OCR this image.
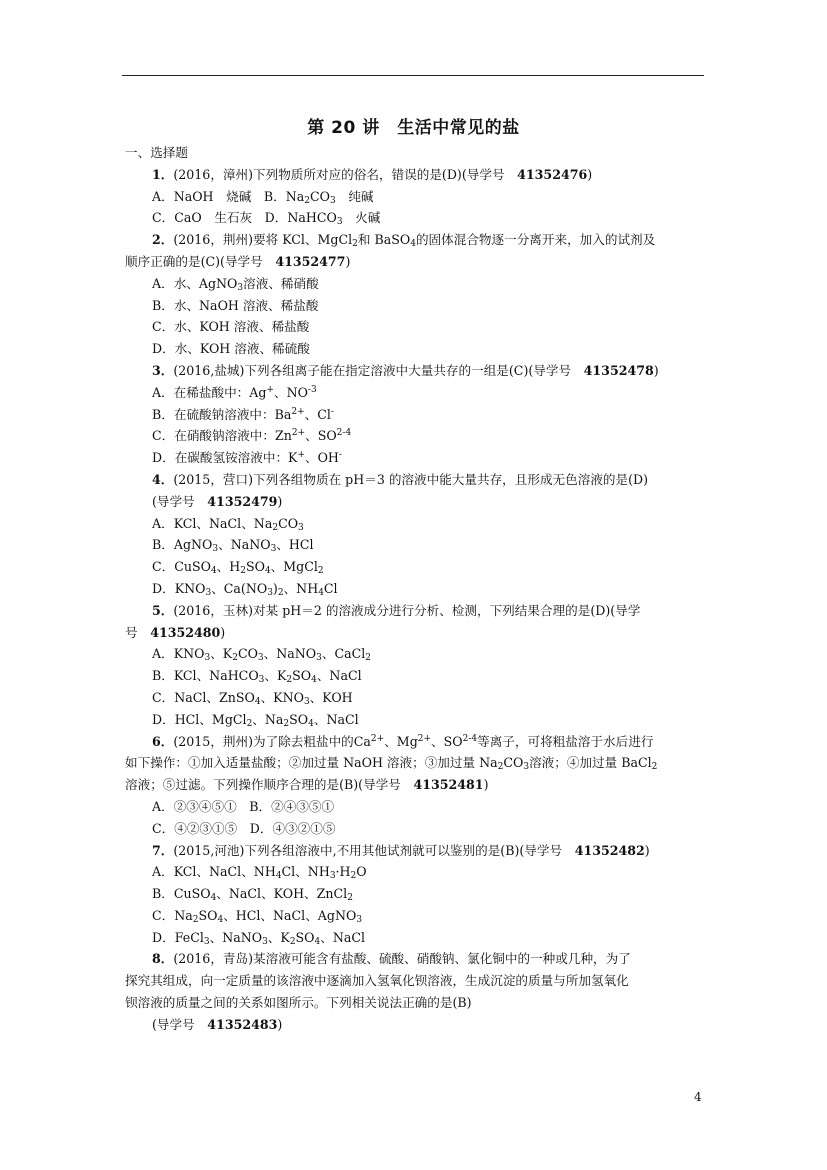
第 20 讲　生活中常见的盐
一、选择题
1．(2016，漳州)下列物质所对应的俗名，错误的是(D)(导学号　41352476)
A．NaOH　烧碱　B．$Na_2CO_3$　纯碱
C．CaO　生石灰　D．NaHCO$_3$　火碱
2．(2016，荆州)要将 KCl、MgCl$_2$和 BaSO$_4$的固体混合物逐一分离开来，加入的试剂及
顺序正确的是(C)(导学号　41352477)
A．水、AgNO$_3$溶液、稀硝酸
B．水、NaOH 溶液、稀盐酸
C．水、KOH 溶液、稀盐酸
D．水、KOH 溶液、稀硫酸
3．(2016,盐城)下列各组离子能在指定溶液中大量共存的一组是(C)(导学号　41352478)
A．在稀盐酸中：Ag+、$NO^{-3}$
B．在硫酸钠溶液中：$Ba^{2+}$、Cl-
C．在硝酸钠溶液中：$Zn^{2+}$、SO$^{2-4}$
D．在碳酸氢铵溶液中：K+、OH-
4．(2015，营口)下列各组物质在 pH＝3 的溶液中能大量共存，且形成无色溶液的是(D)
(导学号　41352479)
A．KCl、NaCl、$Na_2CO_3$
B．AgNO$_3$、NaNO$_3$、HCl
C．CuSO$_4$、$H_2SO_4$、MgCl$_2$
D．$KNO_3$、$Ca(NO_3)_2$、$NH_4Cl$
5．(2016，玉林)对某 pH＝2 的溶液成分进行分析、检测，下列结果合理的是(D)(导学
号　41352480)
A．$KNO_3$、$K_2CO_3$、NaNO$_3$、CaCl$_2$
B．KCl、NaHCO$_3$、$K_2SO_4$、NaCl
C．NaCl、ZnSO$_4$、$KNO_3$、KOH
D．HCl、MgCl$_2$、$Na_2SO_4$、NaCl
6．(2015，荆州)为了除去粗盐中的$Ca^{2+}$、$Mg^{2+}$、SO$^{2-4}$等离子，可将粗盐溶于水后进行
如下操作：①加入适量盐酸；②加过量 NaOH 溶液；③加过量 $Na_2CO_3$溶液；④加过量 BaCl$_2$
溶液；⑤过滤。下列操作顺序合理的是(B)(导学号　41352481)
A．②③④⑤①　B．②④③⑤①
C．④②③①⑤　D．④③②①⑤
7．(2015,河池)下列各组溶液中,不用其他试剂就可以鉴别的是(B)(导学号　41352482)
A．KCl、NaCl、$NH_4Cl$、$NH_3\cdot H_2O$
B．CuSO$_4$、NaCl、KOH、ZnCl$_2$
C．$Na_2SO_4$、HCl、NaCl、AgNO$_3$
D．FeCl$_3$、NaNO$_3$、$K_2SO_4$、NaCl
8．(2016，青岛)某溶液可能含有盐酸、硫酸、硝酸钠、氯化铜中的一种或几种，为了
探究其组成，向一定质量的该溶液中逐滴加入氢氧化钡溶液，生成沉淀的质量与所加氢氧化
钡溶液的质量之间的关系如图所示。下列相关说法正确的是(B)
(导学号　41352483)
4
